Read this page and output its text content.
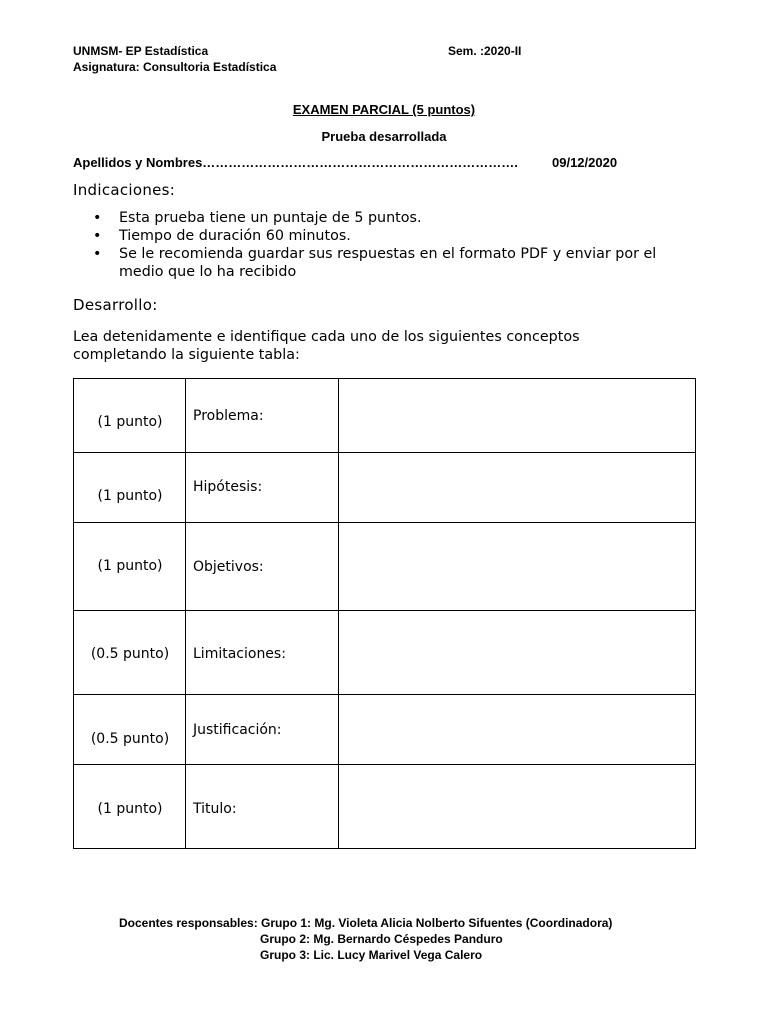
UNMSM- EP Estadística	Sem. :2020-II
Asignatura: Consultoria Estadística
EXAMEN PARCIAL (5 puntos)
Prueba desarrollada
Apellidos y Nombres……………………………………………………………….	09/12/2020
Indicaciones:
• Esta prueba tiene un puntaje de 5 puntos.
• Tiempo de duración 60 minutos.
• Se le recomienda guardar sus respuestas en el formato PDF y enviar por el medio que lo ha recibido
Desarrollo:
Lea detenidamente e identifique cada uno de los siguientes conceptos completando la siguiente tabla:
(1 punto)	Problema:	

(1 punto)	Hipótesis:	

(1 punto)	Objetivos:	

(0.5 punto)	Limitaciones:	

(0.5 punto)	Justificación:	

(1 punto)	Titulo:	

Docentes responsables: Grupo 1: Mg. Violeta Alicia Nolberto Sifuentes (Coordinadora)
Grupo 2: Mg. Bernardo Céspedes Panduro
Grupo 3: Lic. Lucy Marivel Vega Calero
